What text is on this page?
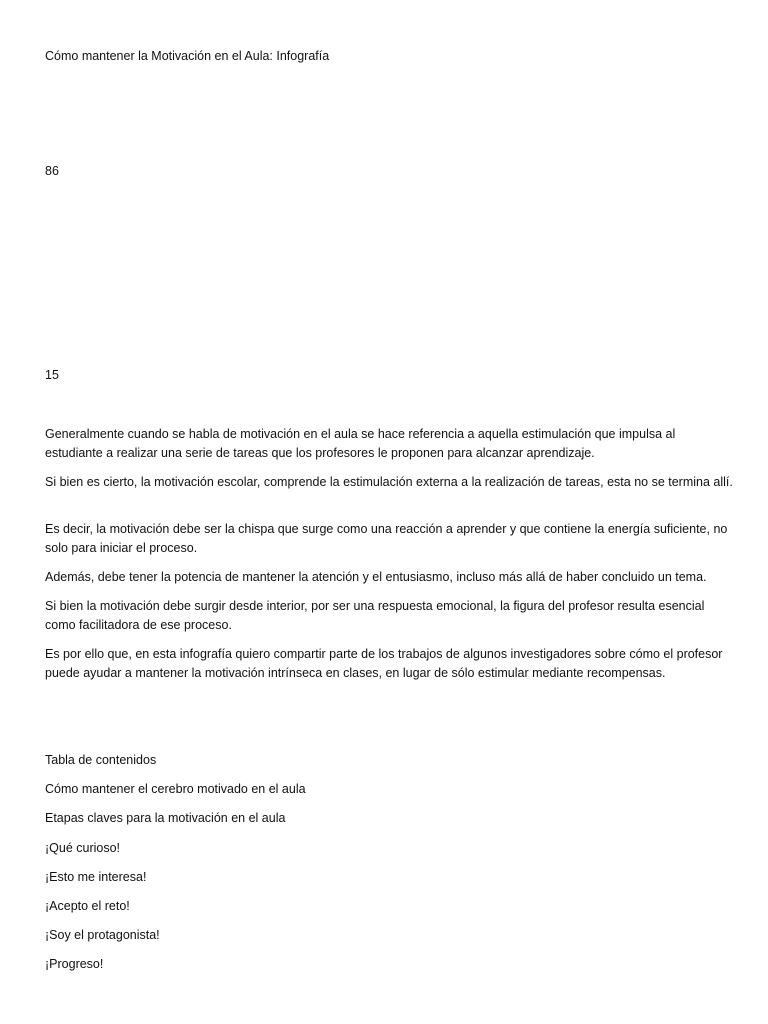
Cómo mantener la Motivación en el Aula: Infografía

86

15

Generalmente cuando se habla de motivación en el aula se hace referencia a aquella estimulación que impulsa al estudiante a realizar una serie de tareas que los profesores le proponen para alcanzar aprendizaje.

Si bien es cierto, la motivación escolar, comprende la estimulación externa a la realización de tareas, esta no se termina allí.

Es decir, la motivación debe ser la chispa que surge como una reacción a aprender y que contiene la energía suficiente, no solo para iniciar el proceso.

Además, debe tener la potencia de mantener la atención y el entusiasmo, incluso más allá de haber concluido un tema.

Si bien la motivación debe surgir desde interior, por ser una respuesta emocional, la figura del profesor resulta esencial como facilitadora de ese proceso.

Es por ello que, en esta infografía quiero compartir parte de los trabajos de algunos investigadores sobre cómo el profesor puede ayudar a mantener la motivación intrínseca en clases, en lugar de sólo estimular mediante recompensas.

Tabla de contenidos

Cómo mantener el cerebro motivado en el aula

Etapas claves para la motivación en el aula

¡Qué curioso!

¡Esto me interesa!

¡Acepto el reto!

¡Soy el protagonista!

¡Progreso!
